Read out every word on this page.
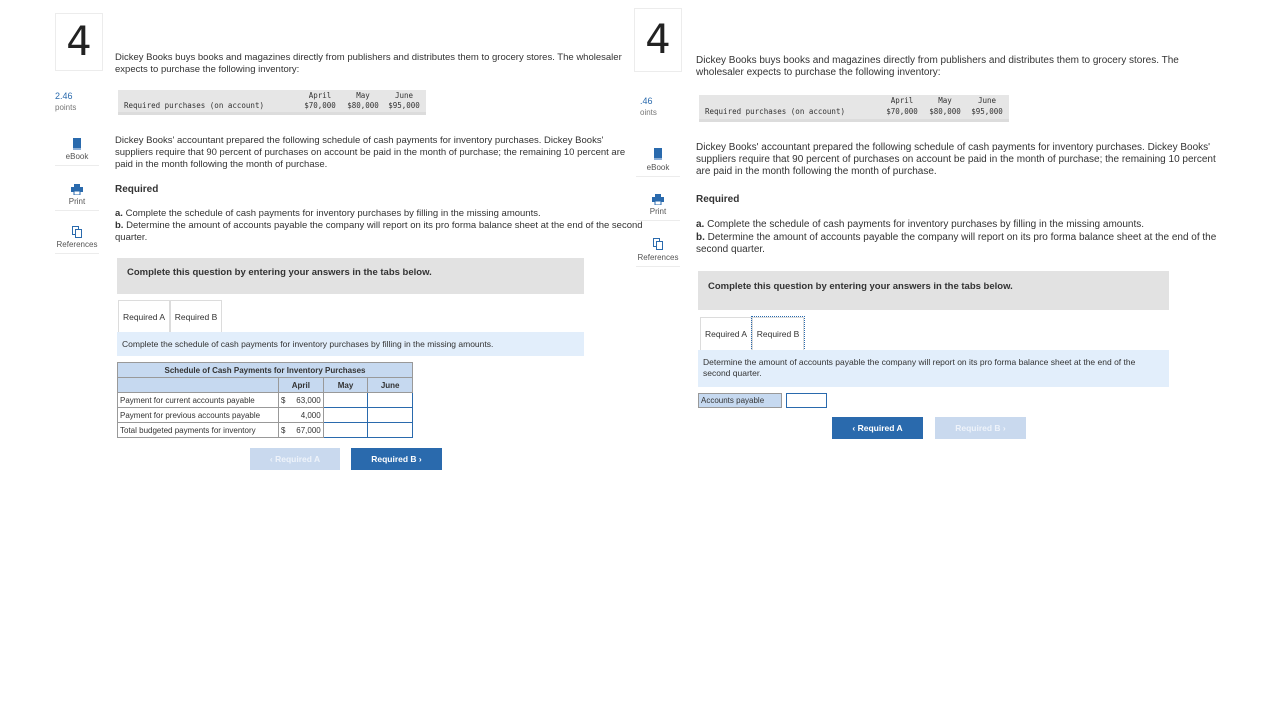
4
2.46
points
eBook
Print
References
Dickey Books buys books and magazines directly from publishers and distributes them to grocery stores. The wholesaler expects to purchase the following inventory:
April	May	June
Required purchases (on account)	$70,000	$80,000	$95,000
Dickey Books' accountant prepared the following schedule of cash payments for inventory purchases. Dickey Books' suppliers require that 90 percent of purchases on account be paid in the month of purchase; the remaining 10 percent are paid in the month following the month of purchase.
Required
a. Complete the schedule of cash payments for inventory purchases by filling in the missing amounts.
b. Determine the amount of accounts payable the company will report on its pro forma balance sheet at the end of the second quarter.
Complete this question by entering your answers in the tabs below.
Required A	Required B
Complete the schedule of cash payments for inventory purchases by filling in the missing amounts.
Schedule of Cash Payments for Inventory Purchases			
	April	May	June
Payment for current accounts payable	$ 63,000		
Payment for previous accounts payable	4,000		
Total budgeted payments for inventory	$ 67,000		
‹ Required A	Required B ›
4
.46
oints
eBook
Print
References
Dickey Books buys books and magazines directly from publishers and distributes them to grocery stores. The wholesaler expects to purchase the following inventory:
April	May	June
Required purchases (on account)	$70,000	$80,000	$95,000
Dickey Books' accountant prepared the following schedule of cash payments for inventory purchases. Dickey Books' suppliers require that 90 percent of purchases on account be paid in the month of purchase; the remaining 10 percent are paid in the month following the month of purchase.
Required
a. Complete the schedule of cash payments for inventory purchases by filling in the missing amounts.
b. Determine the amount of accounts payable the company will report on its pro forma balance sheet at the end of the second quarter.
Complete this question by entering your answers in the tabs below.
Required A	Required B
Determine the amount of accounts payable the company will report on its pro forma balance sheet at the end of the second quarter.
Accounts payable
‹ Required A	Required B ›
